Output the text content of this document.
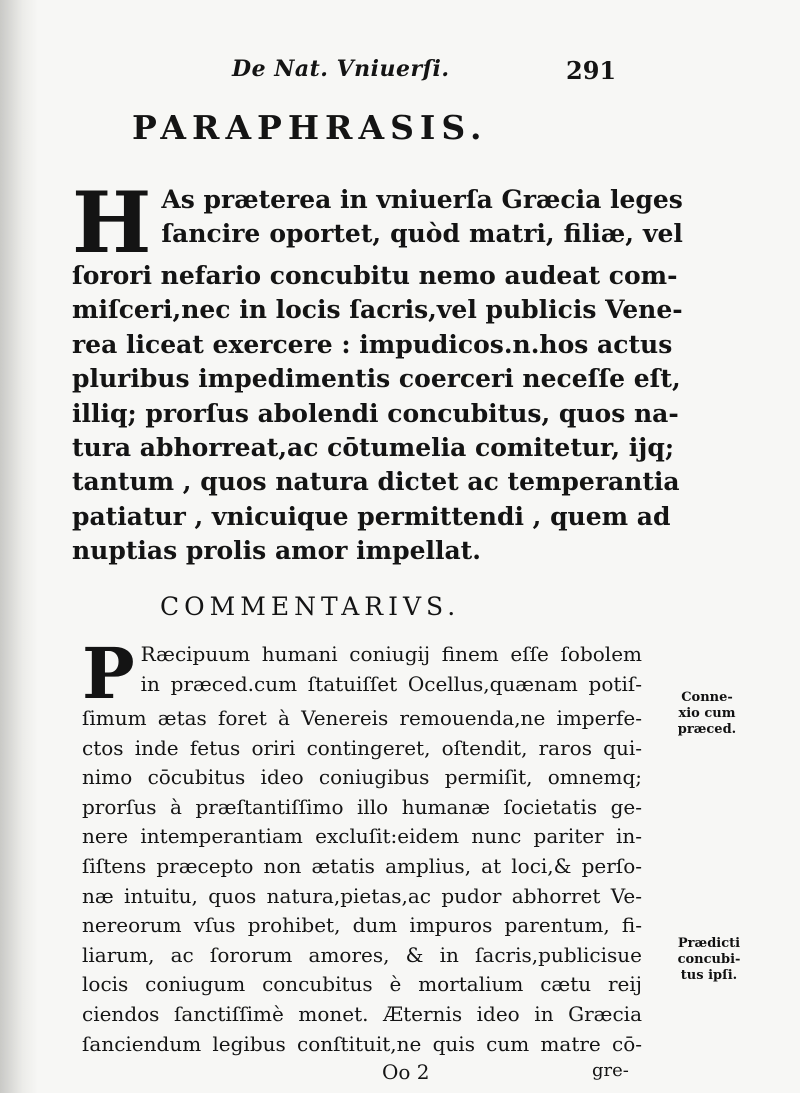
De Nat. Vniuerſi.	291
PARAPHRASIS.
H As præterea in vniuerſa Græcia leges
ſancire oportet, quòd matri, filiæ, vel
ſorori nefario concubitu nemo audeat com-
miſceri,nec in locis ſacris,vel publicis Vene-
rea liceat exercere : impudicos.n.hos actus
pluribus impedimentis coerceri neceſſe eſt,
illiq; prorſus abolendi concubitus, quos na-
tura abhorreat,ac cōtumelia comitetur, ijq;
tantum , quos natura dictet ac temperantia
patiatur , vnicuique permittendi , quem ad
nuptias prolis amor impellat.
COMMENTARIVS.
P Ræcipuum humani coniugij finem eſſe ſobolem
in præced.cum ſtatuiſſet Ocellus,quænam potiſ-
ſimum ætas foret à Venereis remouenda,ne imperfe-
ctos inde fetus oriri contingeret, oſtendit, raros qui-
nimo cōcubitus ideo coniugibus permiſit, omnemq;
prorſus à præſtantiſſimo illo humanæ ſocietatis ge-
nere intemperantiam excluſit:eidem nunc pariter in-
ſiſtens præcepto non ætatis amplius, at loci,& perſo-
næ intuitu, quos natura,pietas,ac pudor abhorret Ve-
nereorum vſus prohibet, dum impuros parentum, fi-
liarum, ac ſororum amores, & in ſacris,publicisue
locis coniugum concubitus è mortalium cætu reij
ciendos ſanctiſſimè monet. Æternis ideo in Græcia
ſanciendum legibus conſtituit,ne quis cum matre cō-
Conne-
xio cum
præced.
Prædicti
concubi-
tus ipſi.
Oo 2	gre-
